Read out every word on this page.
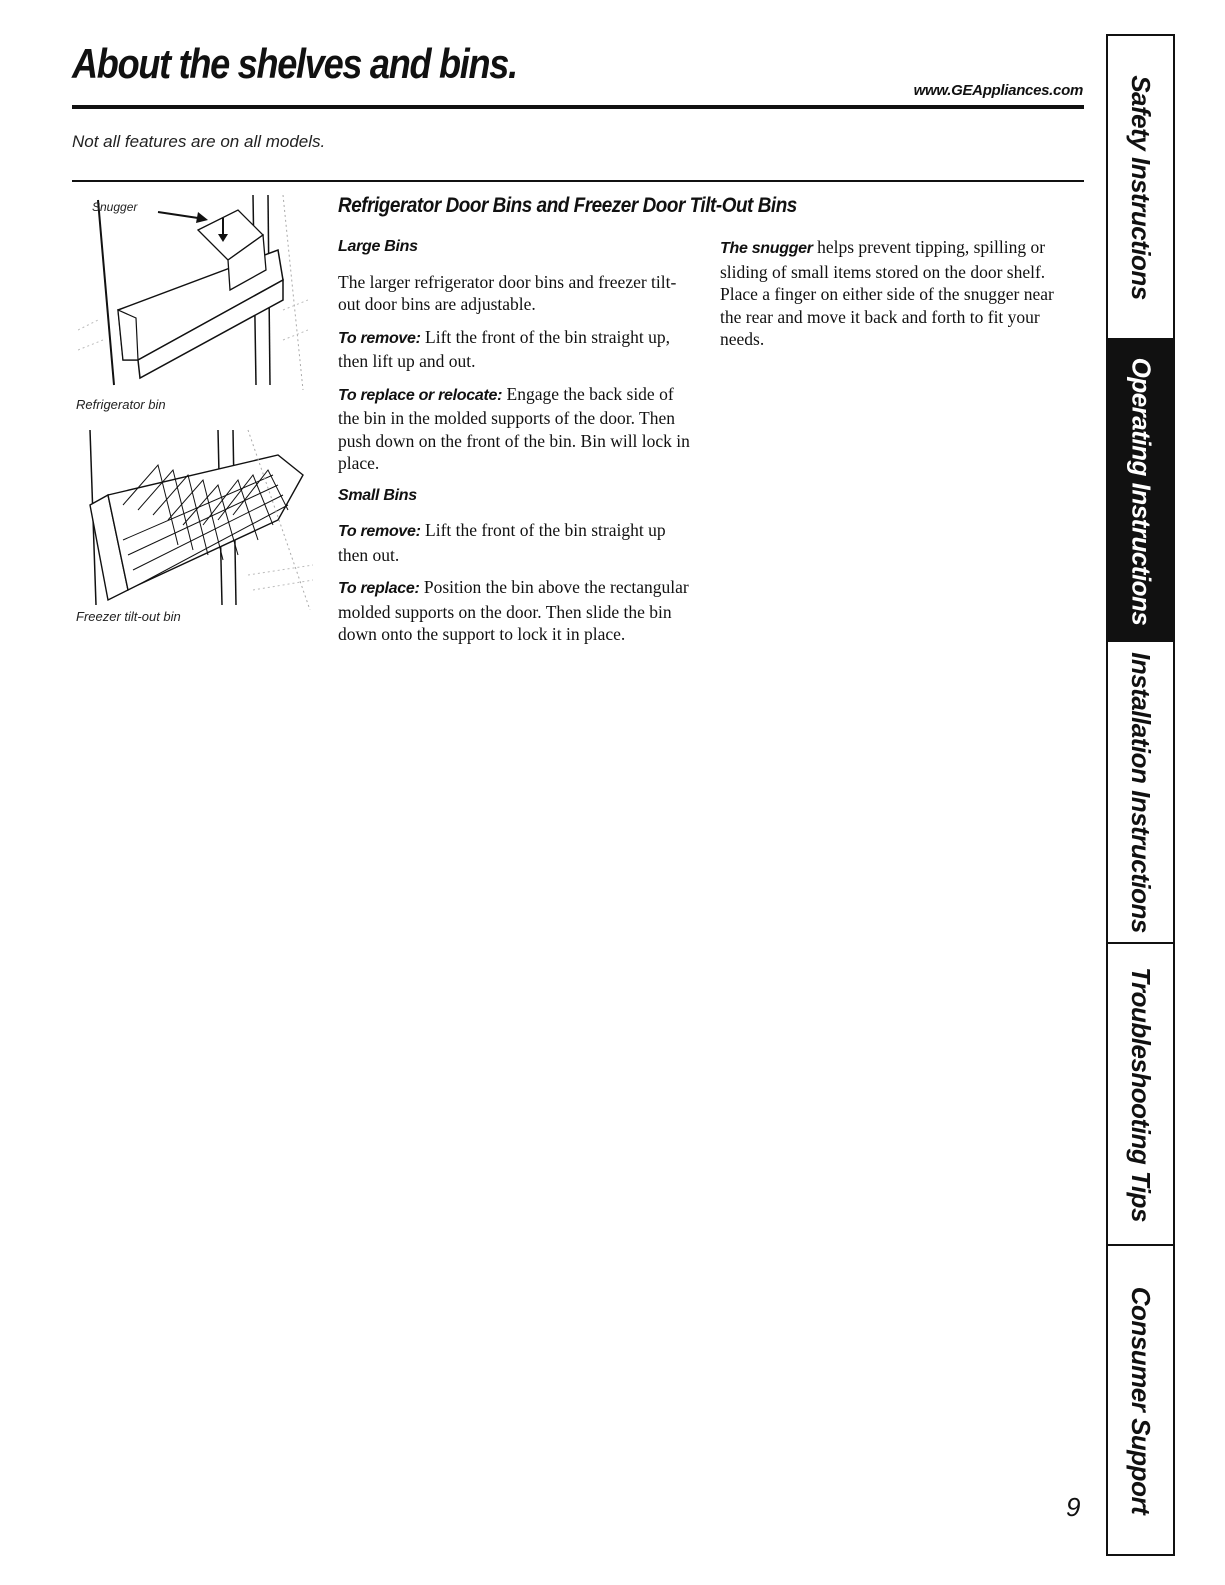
About the shelves and bins.
www.GEAppliances.com
Not all features are on all models.
Snugger
Refrigerator bin
Freezer tilt-out bin
Refrigerator Door Bins and Freezer Door Tilt-Out Bins
Large Bins

The larger refrigerator door bins and freezer tilt-out door bins are adjustable.

To remove: Lift the front of the bin straight up, then lift up and out.

To replace or relocate: Engage the back side of the bin in the molded supports of the door. Then push down on the front of the bin. Bin will lock in place.

Small Bins

To remove: Lift the front of the bin straight up then out.

To replace: Position the bin above the rectangular molded supports on the door. Then slide the bin down onto the support to lock it in place.

The snugger helps prevent tipping, spilling or sliding of small items stored on the door shelf. Place a finger on either side of the snugger near the rear and move it back and forth to fit your needs.

Safety Instructions
Operating Instructions
Installation Instructions
Troubleshooting Tips
Consumer Support
9
